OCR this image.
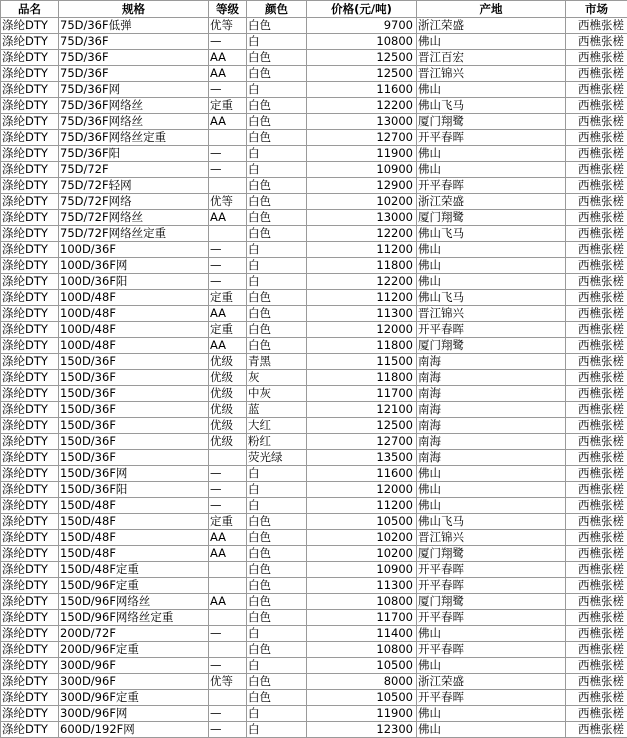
品名	规格	等级	颜色	价格(元/吨)	产地	市场
涤纶DTY	75D/36F低弹	优等	白色	9700	浙江荣盛	西樵张槎
涤纶DTY	75D/36F	—	白	10800	佛山	西樵张槎
涤纶DTY	75D/36F	AA	白色	12500	晋江百宏	西樵张槎
涤纶DTY	75D/36F	AA	白色	12500	晋江锦兴	西樵张槎
涤纶DTY	75D/36F网	—	白	11600	佛山	西樵张槎
涤纶DTY	75D/36F网络丝	定重	白色	12200	佛山飞马	西樵张槎
涤纶DTY	75D/36F网络丝	AA	白色	13000	厦门翔鹭	西樵张槎
涤纶DTY	75D/36F网络丝定重		白色	12700	开平春晖	西樵张槎
涤纶DTY	75D/36F阳	—	白	11900	佛山	西樵张槎
涤纶DTY	75D/72F	—	白	10900	佛山	西樵张槎
涤纶DTY	75D/72F轻网		白色	12900	开平春晖	西樵张槎
涤纶DTY	75D/72F网络	优等	白色	10200	浙江荣盛	西樵张槎
涤纶DTY	75D/72F网络丝	AA	白色	13000	厦门翔鹭	西樵张槎
涤纶DTY	75D/72F网络丝定重		白色	12200	佛山飞马	西樵张槎
涤纶DTY	100D/36F	—	白	11200	佛山	西樵张槎
涤纶DTY	100D/36F网	—	白	11800	佛山	西樵张槎
涤纶DTY	100D/36F阳	—	白	12200	佛山	西樵张槎
涤纶DTY	100D/48F	定重	白色	11200	佛山飞马	西樵张槎
涤纶DTY	100D/48F	AA	白色	11300	晋江锦兴	西樵张槎
涤纶DTY	100D/48F	定重	白色	12000	开平春晖	西樵张槎
涤纶DTY	100D/48F	AA	白色	11800	厦门翔鹭	西樵张槎
涤纶DTY	150D/36F	优级	青黑	11500	南海	西樵张槎
涤纶DTY	150D/36F	优级	灰	11800	南海	西樵张槎
涤纶DTY	150D/36F	优级	中灰	11700	南海	西樵张槎
涤纶DTY	150D/36F	优级	蓝	12100	南海	西樵张槎
涤纶DTY	150D/36F	优级	大红	12500	南海	西樵张槎
涤纶DTY	150D/36F	优级	粉红	12700	南海	西樵张槎
涤纶DTY	150D/36F		荧光绿	13500	南海	西樵张槎
涤纶DTY	150D/36F网	—	白	11600	佛山	西樵张槎
涤纶DTY	150D/36F阳	—	白	12000	佛山	西樵张槎
涤纶DTY	150D/48F	—	白	11200	佛山	西樵张槎
涤纶DTY	150D/48F	定重	白色	10500	佛山飞马	西樵张槎
涤纶DTY	150D/48F	AA	白色	10200	晋江锦兴	西樵张槎
涤纶DTY	150D/48F	AA	白色	10200	厦门翔鹭	西樵张槎
涤纶DTY	150D/48F定重		白色	10900	开平春晖	西樵张槎
涤纶DTY	150D/96F定重		白色	11300	开平春晖	西樵张槎
涤纶DTY	150D/96F网络丝	AA	白色	10800	厦门翔鹭	西樵张槎
涤纶DTY	150D/96F网络丝定重		白色	11700	开平春晖	西樵张槎
涤纶DTY	200D/72F	—	白	11400	佛山	西樵张槎
涤纶DTY	200D/96F定重		白色	10800	开平春晖	西樵张槎
涤纶DTY	300D/96F	—	白	10500	佛山	西樵张槎
涤纶DTY	300D/96F	优等	白色	8000	浙江荣盛	西樵张槎
涤纶DTY	300D/96F定重		白色	10500	开平春晖	西樵张槎
涤纶DTY	300D/96F网	—	白	11900	佛山	西樵张槎
涤纶DTY	600D/192F网	—	白	12300	佛山	西樵张槎
